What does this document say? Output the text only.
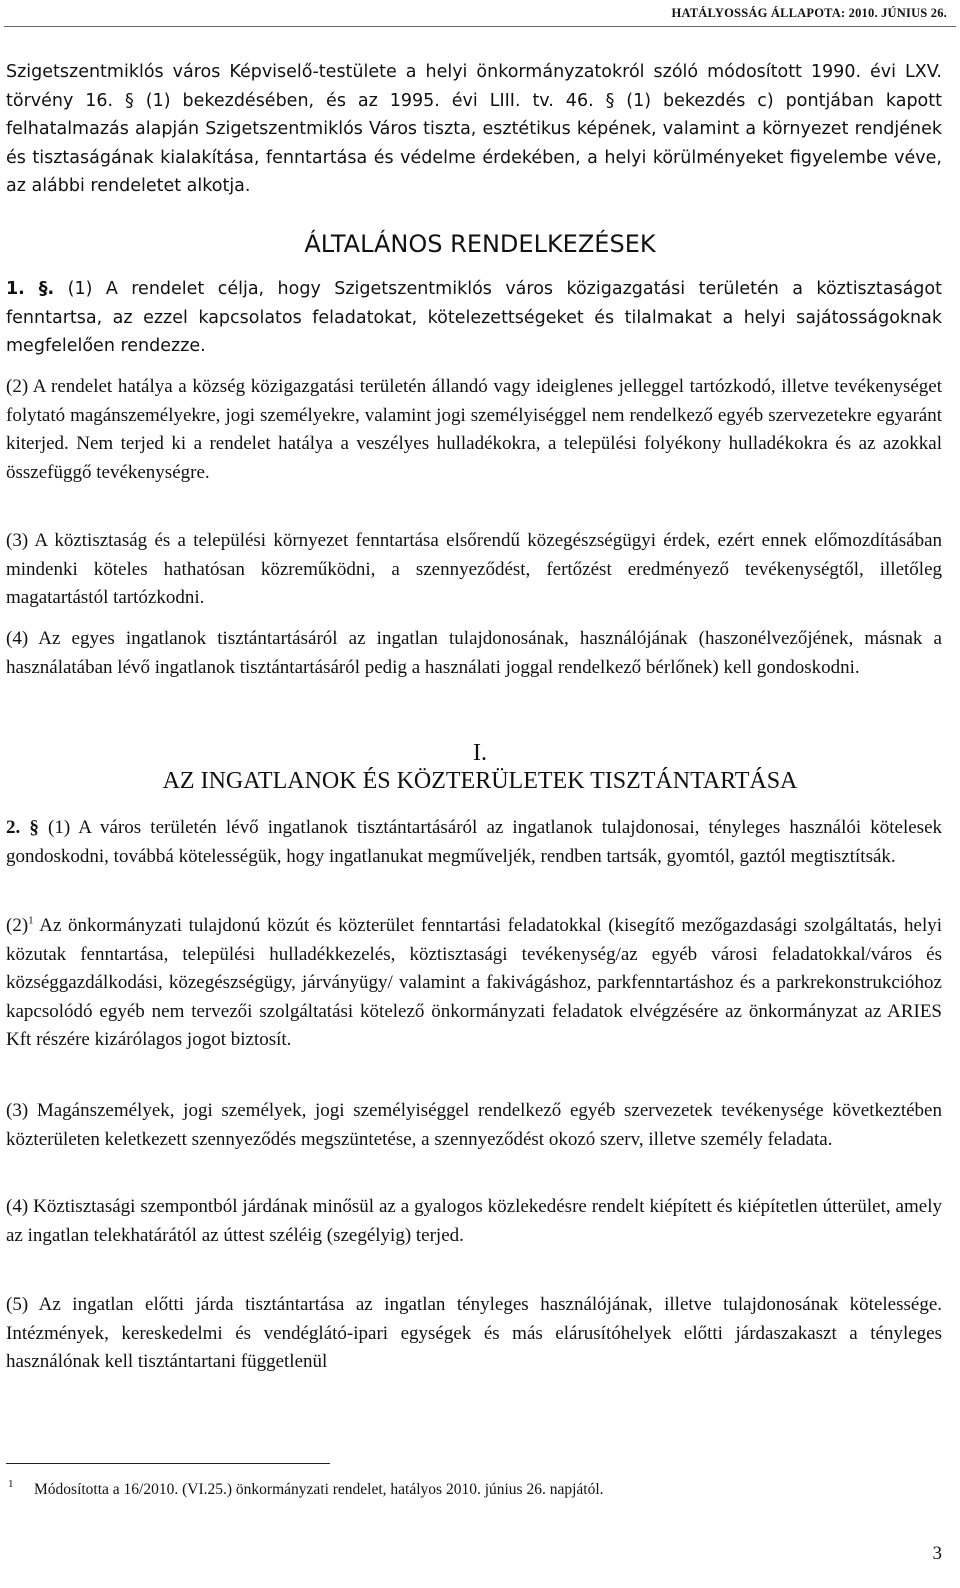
HATÁLYOSSÁG ÁLLAPOTA: 2010. JÚNIUS 26.

Szigetszentmiklós város Képviselő-testülete a helyi önkormányzatokról szóló módosított 1990. évi LXV. törvény 16. § (1) bekezdésében, és az 1995. évi LIII. tv. 46. § (1) bekezdés c) pontjában kapott felhatalmazás alapján Szigetszentmiklós Város tiszta, esztétikus képének, valamint a környezet rendjének és tisztaságának kialakítása, fenntartása és védelme érdekében, a helyi körülményeket figyelembe véve, az alábbi rendeletet alkotja.

ÁLTALÁNOS RENDELKEZÉSEK

1. §. (1) A rendelet célja, hogy Szigetszentmiklós város közigazgatási területén a köztisztaságot fenntartsa, az ezzel kapcsolatos feladatokat, kötelezettségeket és tilalmakat a helyi sajátosságoknak megfelelően rendezze.

(2) A rendelet hatálya a község közigazgatási területén állandó vagy ideiglenes jelleggel tartózkodó, illetve tevékenységet folytató magánszemélyekre, jogi személyekre, valamint jogi személyiséggel nem rendelkező egyéb szervezetekre egyaránt kiterjed. Nem terjed ki a rendelet hatálya a veszélyes hulladékokra, a települési folyékony hulladékokra és az azokkal összefüggő tevékenységre.

(3) A köztisztaság és a települési környezet fenntartása elsőrendű közegészségügyi érdek, ezért ennek előmozdításában mindenki köteles hathatósan közreműködni, a szennyeződést, fertőzést eredményező tevékenységtől, illetőleg magatartástól tartózkodni.

(4) Az egyes ingatlanok tisztántartásáról az ingatlan tulajdonosának, használójának (haszonélvezőjének, másnak a használatában lévő ingatlanok tisztántartásáról pedig a használati joggal rendelkező bérlőnek) kell gondoskodni.

I.
AZ INGATLANOK ÉS KÖZTERÜLETEK TISZTÁNTARTÁSA

2. § (1) A város területén lévő ingatlanok tisztántartásáról az ingatlanok tulajdonosai, tényleges használói kötelesek gondoskodni, továbbá kötelességük, hogy ingatlanukat megműveljék, rendben tartsák, gyomtól, gaztól megtisztítsák.

$(2)^1$ Az önkormányzati tulajdonú közút és közterület fenntartási feladatokkal (kisegítő mezőgazdasági szolgáltatás, helyi közutak fenntartása, települési hulladékkezelés, köztisztasági tevékenység/az egyéb városi feladatokkal/város és községgazdálkodási, közegészségügy, járványügy/ valamint a fakivágáshoz, parkfenntartáshoz és a parkrekonstrukcióhoz kapcsolódó egyéb nem tervezői szolgáltatási kötelező önkormányzati feladatok elvégzésére az önkormányzat az ARIES Kft részére kizárólagos jogot biztosít.

(3) Magánszemélyek, jogi személyek, jogi személyiséggel rendelkező egyéb szervezetek tevékenysége következtében közterületen keletkezett szennyeződés megszüntetése, a szennyeződést okozó szerv, illetve személy feladata.

(4) Köztisztasági szempontból járdának minősül az a gyalogos közlekedésre rendelt kiépített és kiépítetlen útterület, amely az ingatlan telekhatárától az úttest széléig (szegélyig) terjed.

(5) Az ingatlan előtti járda tisztántartása az ingatlan tényleges használójának, illetve tulajdonosának kötelessége. Intézmények, kereskedelmi és vendéglátó-ipari egységek és más elárusítóhelyek előtti járdaszakaszt a tényleges használónak kell tisztántartani függetlenül

1 Módosította a 16/2010. (VI.25.) önkormányzati rendelet, hatályos 2010. június 26. napjától.
3
